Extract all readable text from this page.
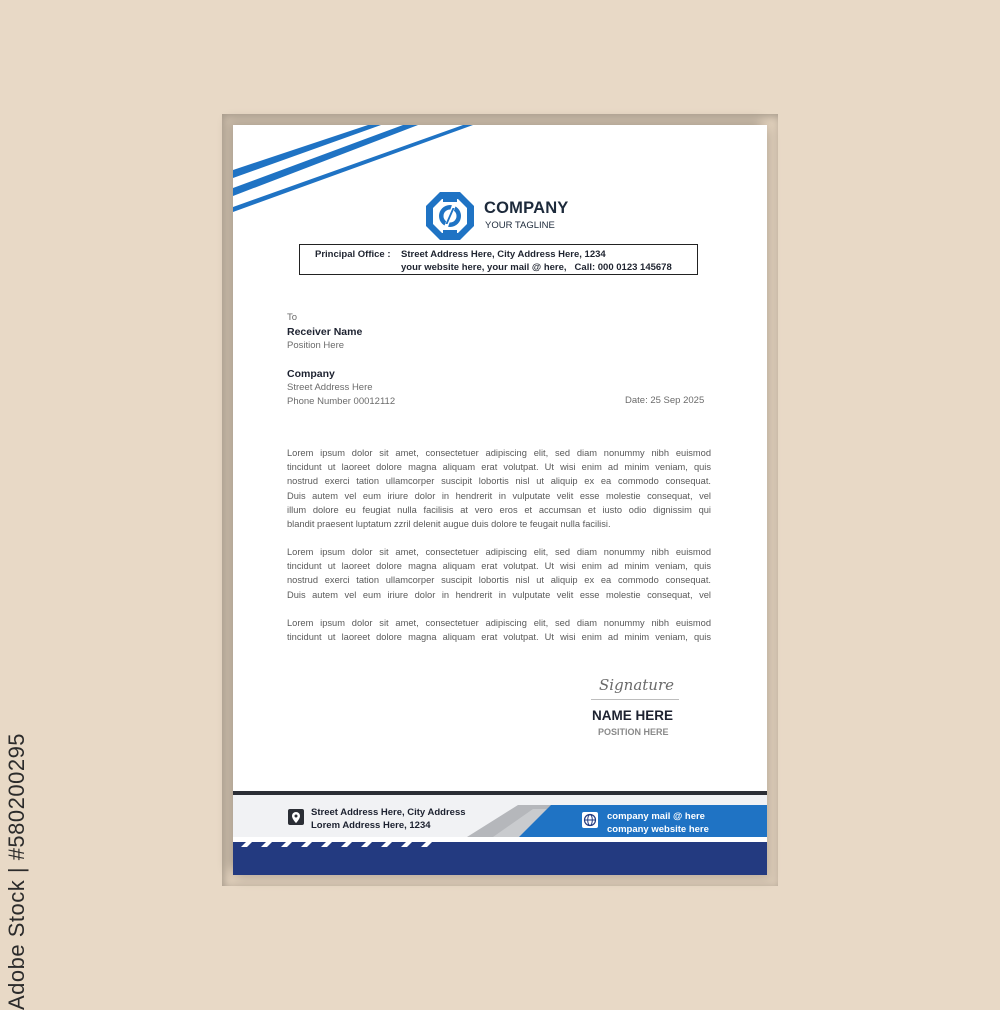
Adobe Stock | #580200295
COMPANY
YOUR TAGLINE
Principal Office : Street Address Here, City Address Here, 1234
your website here, your mail @ here, Call: 000 0123 145678
To
Receiver Name
Position Here
Company
Street Address Here
Phone Number 00012112	Date: 25 Sep 2025
Lorem ipsum dolor sit amet, consectetuer adipiscing elit, sed diam nonummy nibh euismod
tincidunt ut laoreet dolore magna aliquam erat volutpat. Ut wisi enim ad minim veniam, quis
nostrud exerci tation ullamcorper suscipit lobortis nisl ut aliquip ex ea commodo consequat.
Duis autem vel eum iriure dolor in hendrerit in vulputate velit esse molestie consequat, vel
illum dolore eu feugiat nulla facilisis at vero eros et accumsan et iusto odio dignissim qui
blandit praesent luptatum zzril delenit augue duis dolore te feugait nulla facilisi.
Lorem ipsum dolor sit amet, consectetuer adipiscing elit, sed diam nonummy nibh euismod
tincidunt ut laoreet dolore magna aliquam erat volutpat. Ut wisi enim ad minim veniam, quis
nostrud exerci tation ullamcorper suscipit lobortis nisl ut aliquip ex ea commodo consequat.
Duis autem vel eum iriure dolor in hendrerit in vulputate velit esse molestie consequat, vel
Lorem ipsum dolor sit amet, consectetuer adipiscing elit, sed diam nonummy nibh euismod
tincidunt ut laoreet dolore magna aliquam erat volutpat. Ut wisi enim ad minim veniam, quis
Signature
NAME HERE
POSITION HERE
Street Address Here, City Address
Lorem Address Here, 1234
company mail @ here
company website here
